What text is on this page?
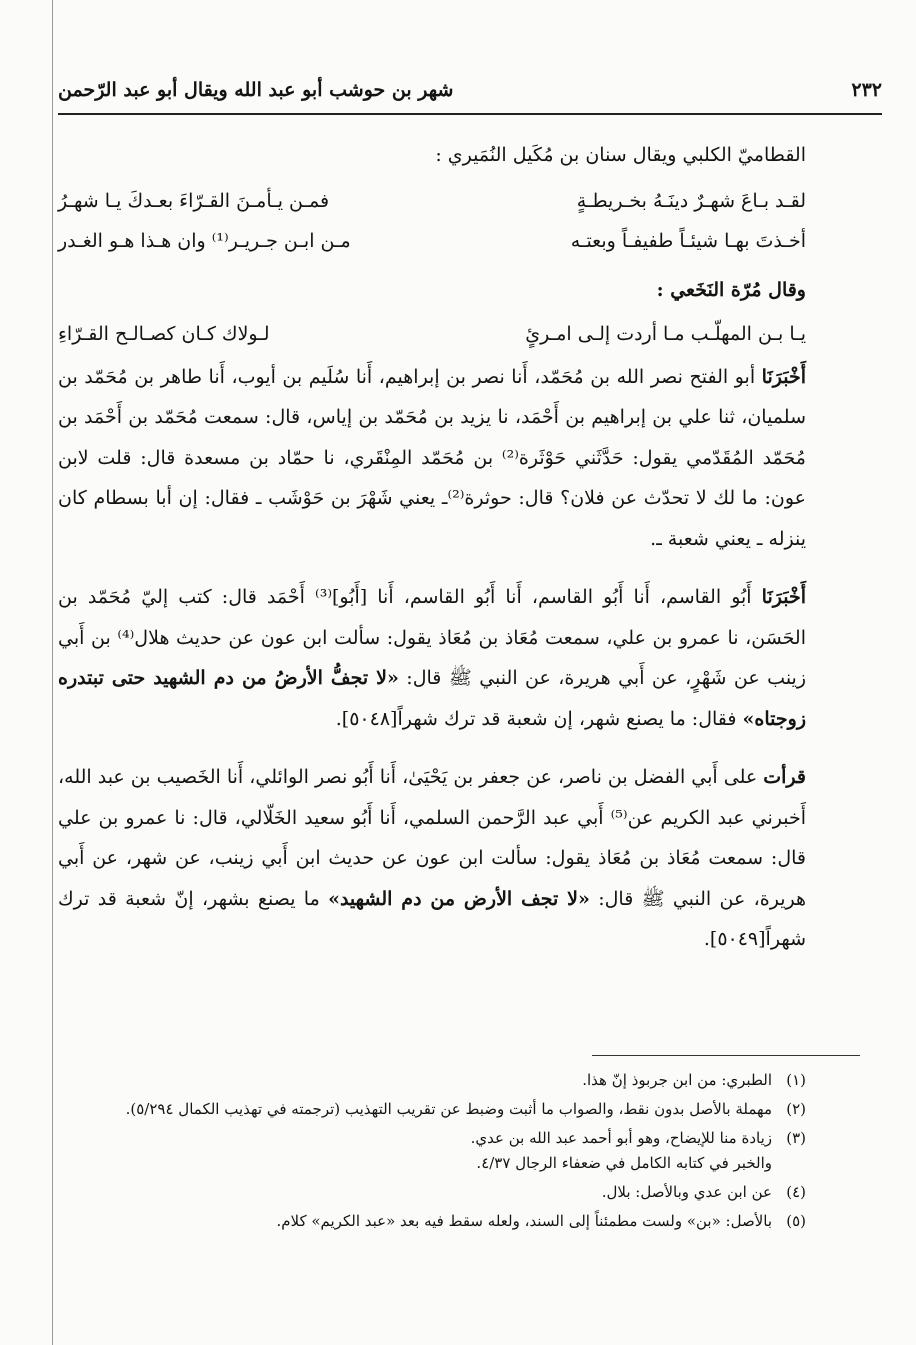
٢٣٢
شهر بن حوشب أبو عبد الله ويقال أبو عبد الرّحمن

القطاميّ الكلبي ويقال سنان بن مُكَيل النُمَيري :

لقـد بـاعَ شهـرٌ دينَـهُ بخـريطـةٍ
فمـن يـأمـنَ القـرّاءَ بعـدكَ يـا شهـرُ
أخـذتَ بهـا شيئـاً طفيفـاً وبعتـه
مـن ابـن جـريـر⁽¹⁾ وان هـذا هـو الغـدر

وقال مُرّة النَخَعي :

يـا بـن المهلّـب مـا أردت إلـى امـرئٍ
لـولاك كـان كصـالـح القـرّاءِ

أَخْبَرَنَا أبو الفتح نصر الله بن مُحَمّد، أَنا نصر بن إبراهيم، أَنا سُلَيم بن أيوب، أَنا طاهر بن مُحَمّد بن سلميان، ثنا علي بن إبراهيم بن أَحْمَد، نا يزيد بن مُحَمّد بن إياس، قال: سمعت مُحَمّد بن أَحْمَد بن مُحَمّد المُقَدّمي يقول: حَدَّثَني حَوْثَرة⁽²⁾ بن مُحَمّد المِنْقَري، نا حمّاد بن مسعدة قال: قلت لابن عون: ما لك لا تحدّث عن فلان؟ قال: حوثرة⁽²⁾ـ يعني شَهْرَ بن حَوْشَب ـ فقال: إن أبا بسطام كان ينزله ـ يعني شعبة ـ.

أَخْبَرَنَا أَبُو القاسم، أَنا أَبُو القاسم، أَنا أَبُو القاسم، أَنا [أَبُو]⁽³⁾ أَحْمَد قال: كتب إليّ مُحَمّد بن الحَسَن، نا عمرو بن علي، سمعت مُعَاذ بن مُعَاذ يقول: سألت ابن عون عن حديث هلال⁽⁴⁾ بن أَبي زينب عن شَهْرٍ، عن أَبي هريرة، عن النبي ﷺ قال: «لا تجفُّ الأرضُ من دم الشهيد حتى تبتدره زوجتاه» فقال: ما يصنع شهر، إن شعبة قد ترك شهراً[٥٠٤٨].

قرأت على أَبي الفضل بن ناصر، عن جعفر بن يَحْيَىٰ، أَنا أَبُو نصر الوائلي، أَنا الخَصيب بن عبد الله، أَخبرني عبد الكريم عن⁽⁵⁾ أَبي عبد الرَّحمن السلمي، أَنا أَبُو سعيد الخَلّالي، قال: نا عمرو بن علي قال: سمعت مُعَاذ بن مُعَاذ يقول: سألت ابن عون عن حديث ابن أَبي زينب، عن شهر، عن أَبي هريرة، عن النبي ﷺ قال: «لا تجف الأرض من دم الشهيد» ما يصنع بشهر، إنّ شعبة قد ترك شهراً[٥٠٤٩].

(١)
الطبري: من ابن جربوذ إنّ هذا.
(٢)
مهملة بالأصل بدون نقط، والصواب ما أثبت وضبط عن تقريب التهذيب (ترجمته في تهذيب الكمال ٥/٢٩٤).
(٣)
زيادة منا للإيضاح، وهو أبو أحمد عبد الله بن عدي.
والخبر في كتابه الكامل في ضعفاء الرجال ٤/٣٧.
(٤)
عن ابن عدي وبالأصل: بلال.
(٥)
بالأصل: «بن» ولست مطمئناً إلى السند، ولعله سقط فيه بعد «عبد الكريم» كلام.
